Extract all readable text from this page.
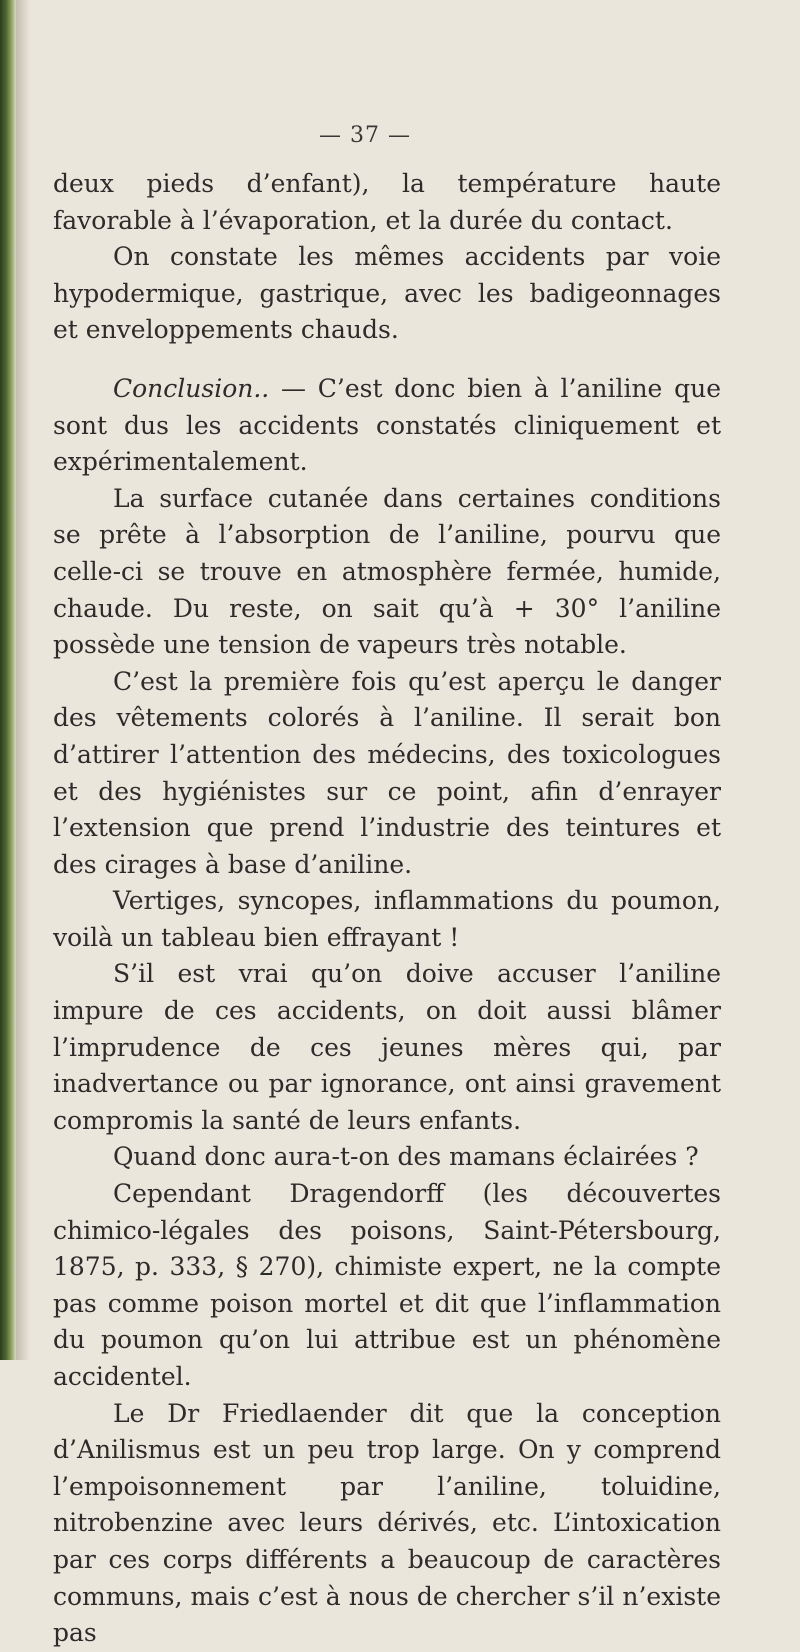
— 37 —

deux pieds d’enfant), la température haute favorable à l’évaporation, et la durée du contact.

On constate les mêmes accidents par voie hypodermique, gastrique, avec les badigeonnages et enveloppements chauds.

Conclusion.. — C’est donc bien à l’aniline que sont dus les accidents constatés cliniquement et expérimentalement.

La surface cutanée dans certaines conditions se prête à l’absorption de l’aniline, pourvu que celle-ci se trouve en atmosphère fermée, humide, chaude. Du reste, on sait qu’à + 30° l’aniline possède une tension de vapeurs très notable.

C’est la première fois qu’est aperçu le danger des vêtements colorés à l’aniline. Il serait bon d’attirer l’attention des médecins, des toxicologues et des hygiénistes sur ce point, afin d’enrayer l’extension que prend l’industrie des teintures et des cirages à base d’aniline.

Vertiges, syncopes, inflammations du poumon, voilà un tableau bien effrayant !

S’il est vrai qu’on doive accuser l’aniline impure de ces accidents, on doit aussi blâmer l’imprudence de ces jeunes mères qui, par inadvertance ou par ignorance, ont ainsi gravement compromis la santé de leurs enfants.

Quand donc aura-t-on des mamans éclairées ?

Cependant Dragendorff (les découvertes chimico-légales des poisons, Saint-Pétersbourg, 1875, p. 333, § 270), chimiste expert, ne la compte pas comme poison mortel et dit que l’inflammation du poumon qu’on lui attribue est un phénomène accidentel.

Le Dr Friedlaender dit que la conception d’Anilismus est un peu trop large. On y comprend l’empoisonnement par l’aniline, toluidine, nitrobenzine avec leurs dérivés, etc. L’intoxication par ces corps différents a beaucoup de caractères communs, mais c’est à nous de chercher s’il n’existe pas
